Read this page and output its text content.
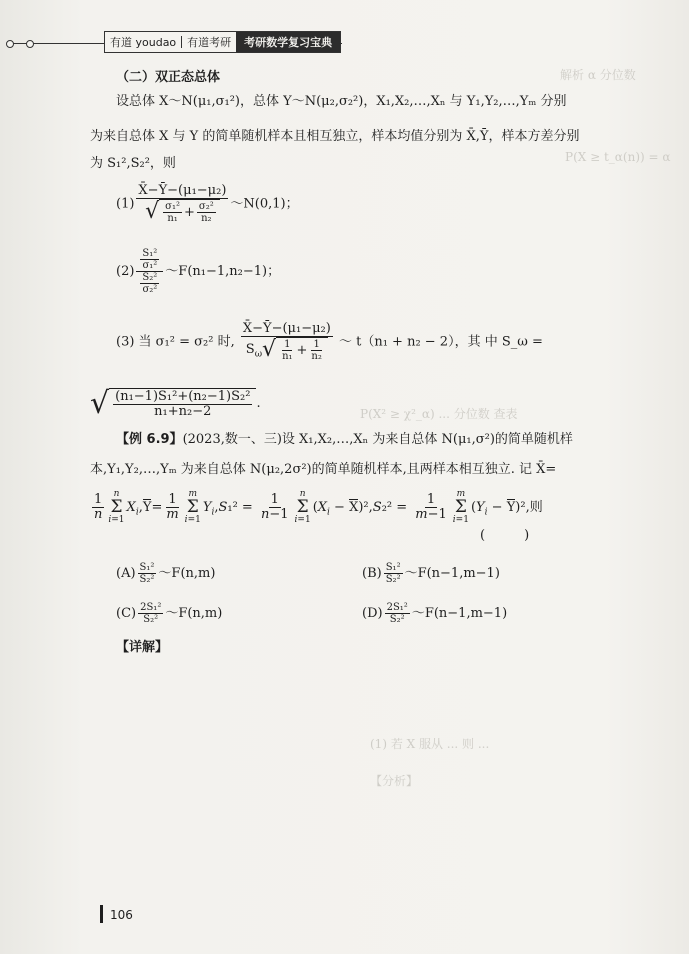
解析 α 分位数
P(X ≥ t_α(n)) = α
P(X² ≥ χ²_α) ... 分位数 查表
(1) 若 X 服从 ... 则 ...
【分析】
有道 youdao	有道考研	考研数学复习宝典
（二）双正态总体
设总体 X～N(μ₁,σ₁²)，总体 Y～N(μ₂,σ₂²)，X₁,X₂,…,Xₙ 与 Y₁,Y₂,…,Yₘ 分别
为来自总体 X 与 Y 的简单随机样本且相互独立，样本均值分别为 X̄,Ȳ，样本方差分别
为 S₁²,S₂²，则
$(1) \frac{\text{X̄−Ȳ−(μ₁−μ₂)}}{√ \frac{\text{σ₁²}}{\text{n₁}} + \frac{\text{σ₂²}}{\text{n₂}}}$ ～N(0,1)；
$(2) \frac{\frac{\text{S₁²}}{\text{σ₁²}}}{\frac{\text{S₂²}}{\text{σ₂²}}}$ ～F(n₁−1,n₂−1)；
(3) 当 σ₁² = σ₂² 时, $\frac{\text{X̄−Ȳ−(μ₁−μ₂)}}{S_\omega √ \frac{1}{\text{n₁}} + \frac{1}{\text{n₂}}}$ ～ t（n₁ + n₂ − 2），其 中 S_ω =
√ $\frac{\text{(n₁−1)S₁²+(n₂−1)S₂²}}{\text{n₁+n₂−2}}$ .
【例 6.9】(2023,数一、三)设 X₁,X₂,…,Xₙ 为来自总体 N(μ₁,σ²)的简单随机样
本,Y₁,Y₂,…,Yₘ 为来自总体 N(μ₂,2σ²)的简单随机样本,且两样本相互独立. 记 X̄=
$\frac{1}{n}$ n
Σ
i=1
$X_i,Y= \frac{1}{m}$ m
Σ
i=1
$Y_i,S_1^2 = \frac{1}{n-1}$ n
Σ
i=1
$(X_i - X)^2,S_2^2 = \frac{1}{m-1}$ m
Σ
i=1
$(Y_i - Y)^2$,则
(　　　)
$(A) \frac{\text{S₁²}}{\text{S₂²}}$ ～F(n,m)	$(B) \frac{\text{S₁²}}{\text{S₂²}}$ ～F(n−1,m−1)
$(C) \frac{\text{2S₁²}}{\text{S₂²}}$ ～F(n,m)	$(D) \frac{\text{2S₁²}}{\text{S₂²}}$ ～F(n−1,m−1)
【详解】
106
